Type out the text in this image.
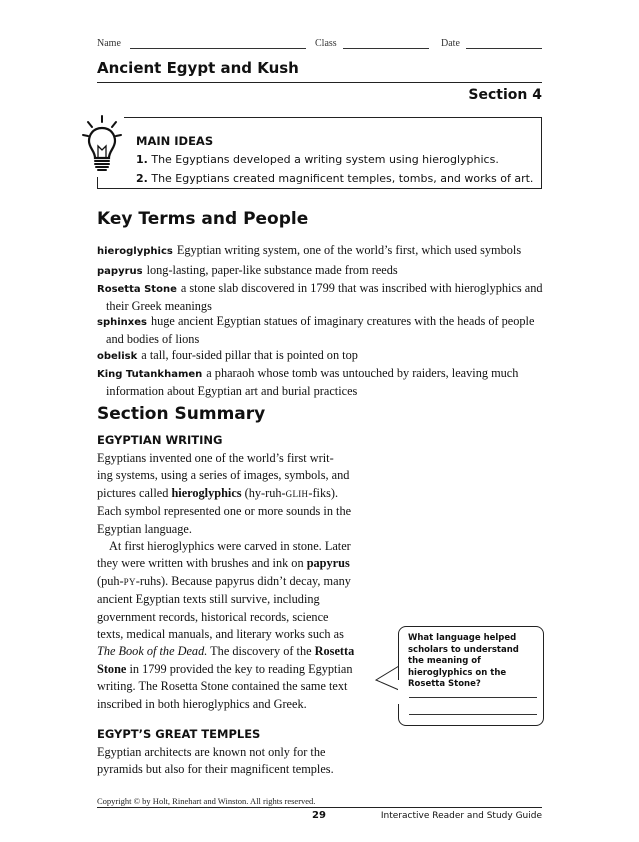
Name	Class	Date
Ancient Egypt and Kush
Section 4
MAIN IDEAS
1. The Egyptians developed a writing system using hieroglyphics.
2. The Egyptians created magnificent temples, tombs, and works of art.
Key Terms and People
hieroglyphics Egyptian writing system, one of the world’s first, which used symbols
papyrus long-lasting, paper-like substance made from reeds
Rosetta Stone a stone slab discovered in 1799 that was inscribed with hieroglyphics and their Greek meanings
sphinxes huge ancient Egyptian statues of imaginary creatures with the heads of people and bodies of lions
obelisk a tall, four-sided pillar that is pointed on top
King Tutankhamen a pharaoh whose tomb was untouched by raiders, leaving much information about Egyptian art and burial practices
Section Summary
EGYPTIAN WRITING
Egyptians invented one of the world’s first writ-
ing systems, using a series of images, symbols, and
pictures called hieroglyphics (hy-ruh-GLIH-fiks).
Each symbol represented one or more sounds in the
Egyptian language.
At first hieroglyphics were carved in stone. Later
they were written with brushes and ink on papyrus
(puh-PY-ruhs). Because papyrus didn’t decay, many
ancient Egyptian texts still survive, including
government records, historical records, science
texts, medical manuals, and literary works such as
The Book of the Dead. The discovery of the Rosetta
Stone in 1799 provided the key to reading Egyptian
writing. The Rosetta Stone contained the same text
inscribed in both hieroglyphics and Greek.
EGYPT’S GREAT TEMPLES
Egyptian architects are known not only for the
pyramids but also for their magnificent temples.
What language helped scholars to understand the meaning of hieroglyphics on the Rosetta Stone?
Copyright © by Holt, Rinehart and Winston. All rights reserved.
29	Interactive Reader and Study Guide
